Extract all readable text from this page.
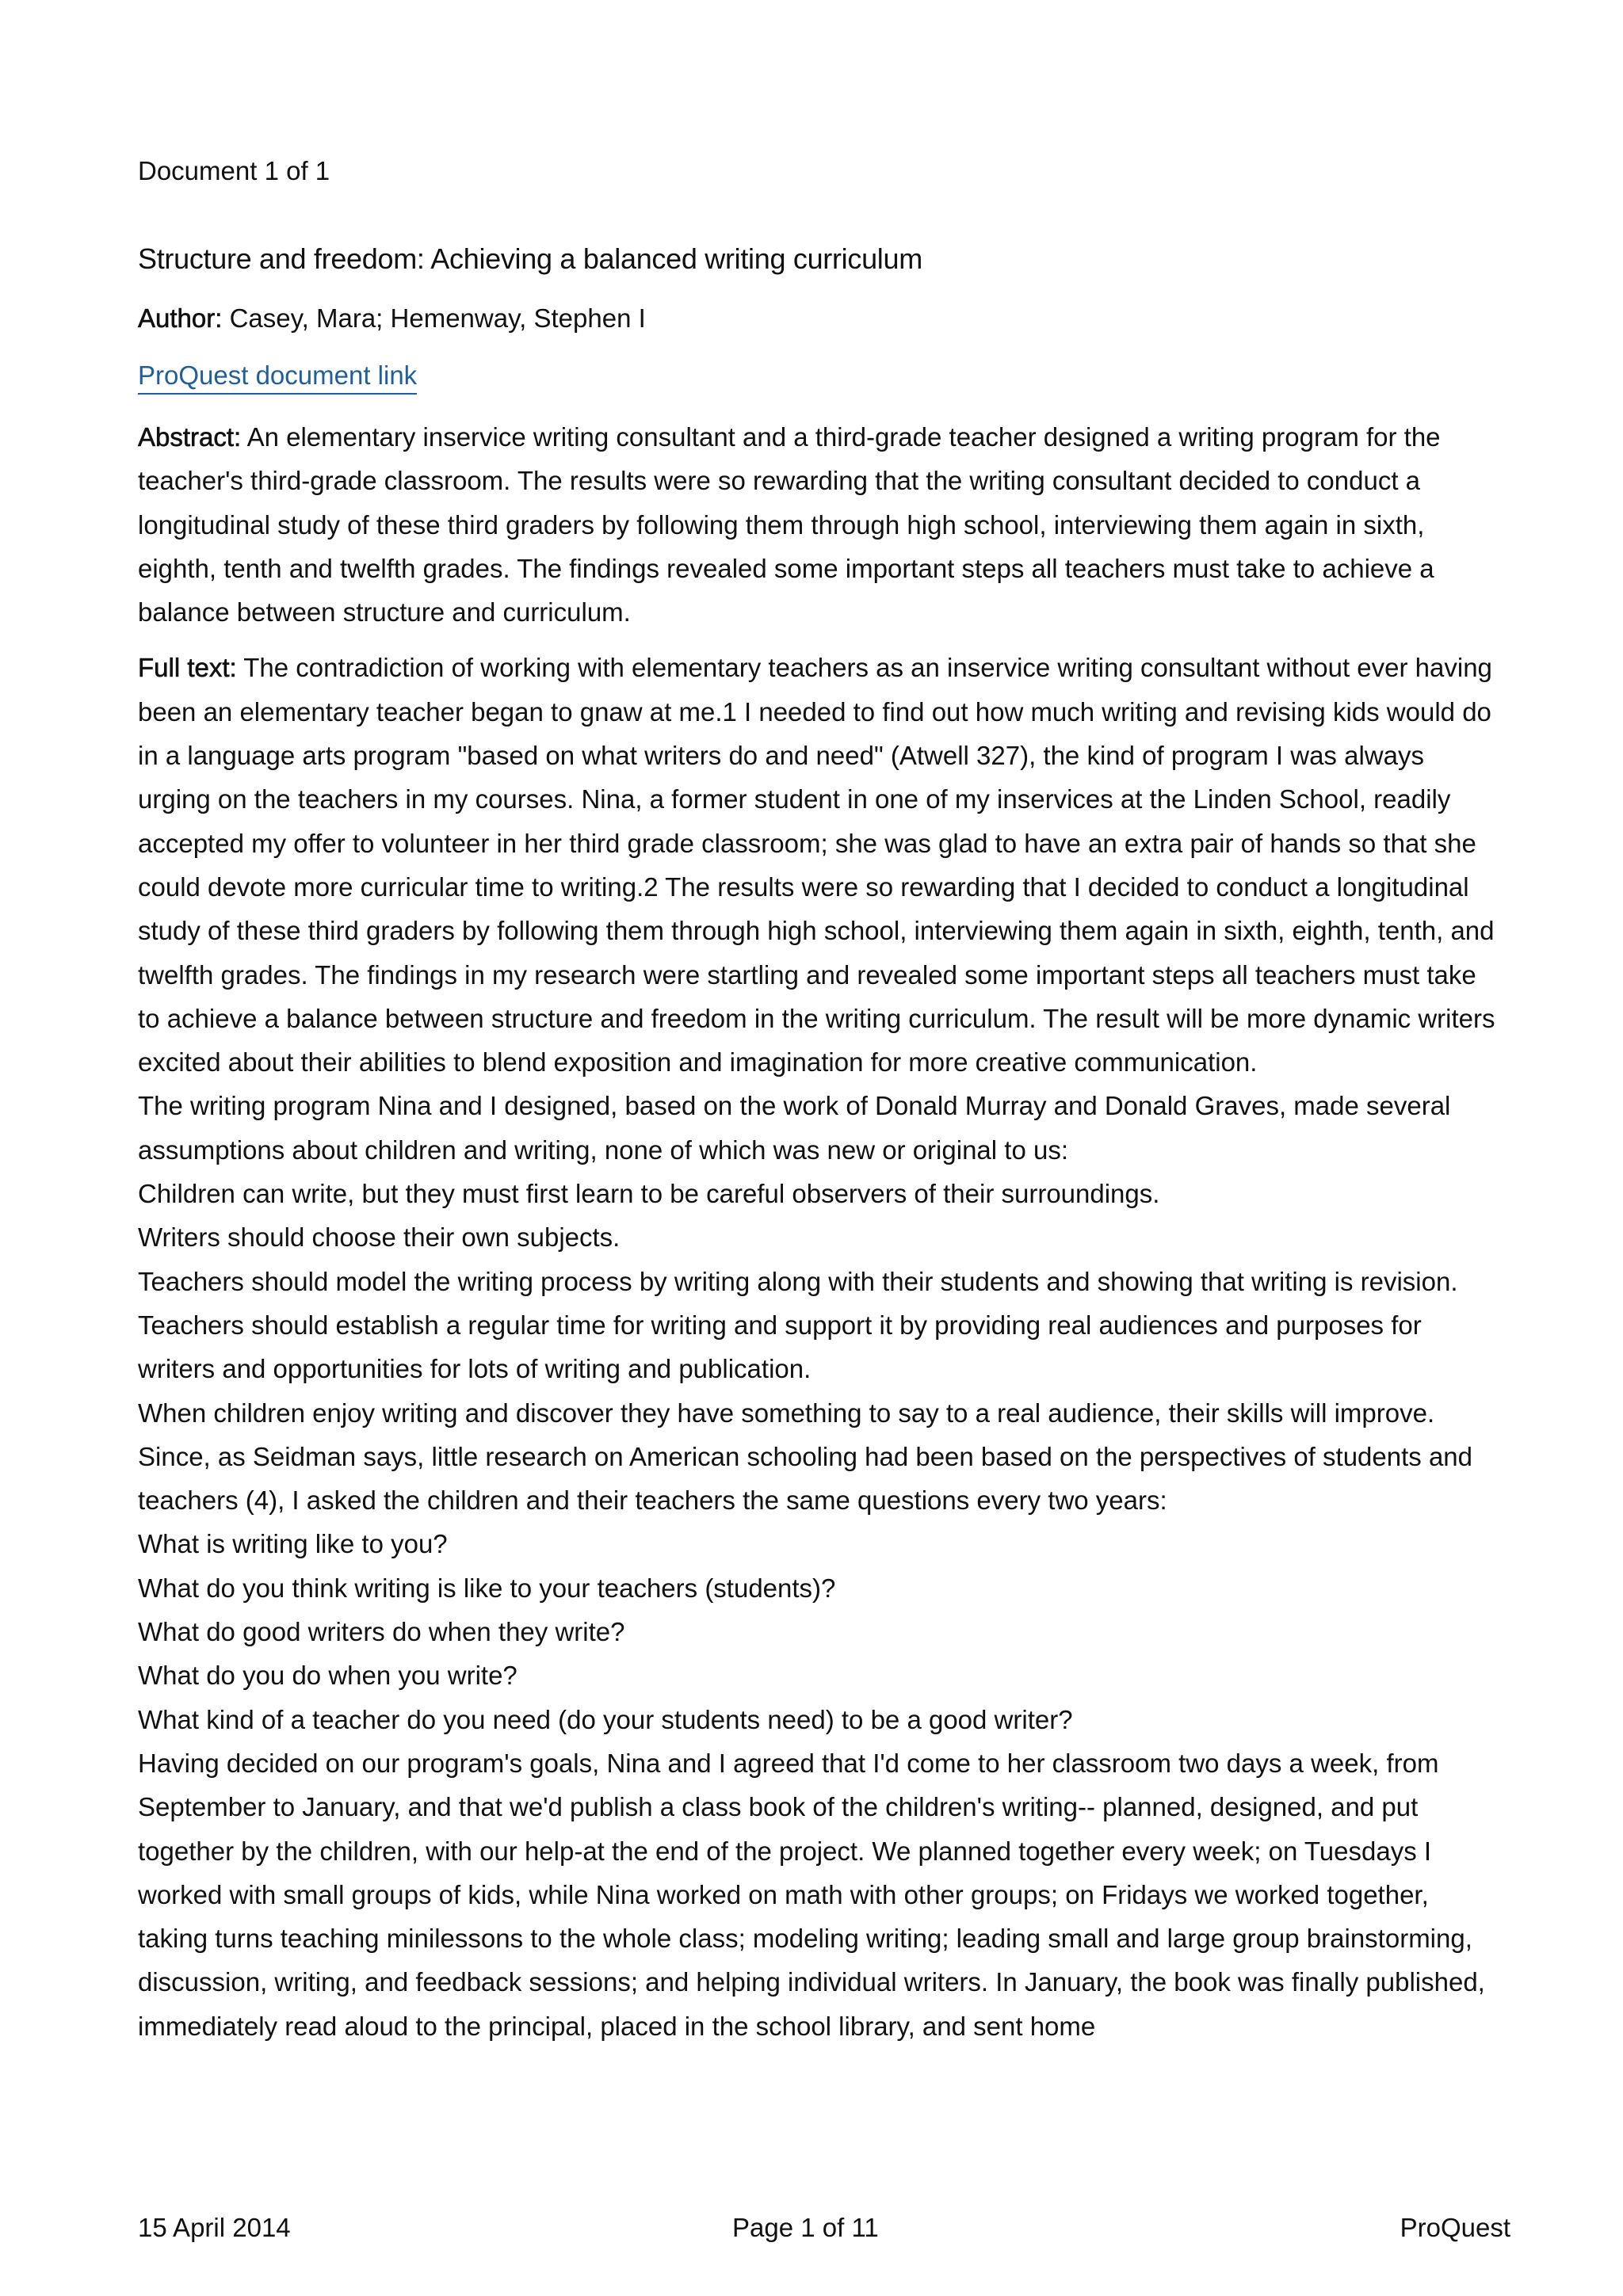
Document 1 of 1
Structure and freedom: Achieving a balanced writing curriculum
Author: Casey, Mara; Hemenway, Stephen I
ProQuest document link

Abstract: An elementary inservice writing consultant and a third-grade teacher designed a writing program for the teacher's third-grade classroom. The results were so rewarding that the writing consultant decided to conduct a longitudinal study of these third graders by following them through high school, interviewing them again in sixth, eighth, tenth and twelfth grades. The findings revealed some important steps all teachers must take to achieve a balance between structure and curriculum.

Full text: The contradiction of working with elementary teachers as an inservice writing consultant without ever having been an elementary teacher began to gnaw at me.1 I needed to find out how much writing and revising kids would do in a language arts program "based on what writers do and need" (Atwell 327), the kind of program I was always urging on the teachers in my courses. Nina, a former student in one of my inservices at the Linden School, readily accepted my offer to volunteer in her third grade classroom; she was glad to have an extra pair of hands so that she could devote more curricular time to writing.2 The results were so rewarding that I decided to conduct a longitudinal study of these third graders by following them through high school, interviewing them again in sixth, eighth, tenth, and twelfth grades. The findings in my research were startling and revealed some important steps all teachers must take to achieve a balance between structure and freedom in the writing curriculum. The result will be more dynamic writers excited about their abilities to blend exposition and imagination for more creative communication.

The writing program Nina and I designed, based on the work of Donald Murray and Donald Graves, made several assumptions about children and writing, none of which was new or original to us:

Children can write, but they must first learn to be careful observers of their surroundings.

Writers should choose their own subjects.

Teachers should model the writing process by writing along with their students and showing that writing is revision.

Teachers should establish a regular time for writing and support it by providing real audiences and purposes for writers and opportunities for lots of writing and publication.

When children enjoy writing and discover they have something to say to a real audience, their skills will improve.

Since, as Seidman says, little research on American schooling had been based on the perspectives of students and teachers (4), I asked the children and their teachers the same questions every two years:

What is writing like to you?

What do you think writing is like to your teachers (students)?

What do good writers do when they write?

What do you do when you write?

What kind of a teacher do you need (do your students need) to be a good writer?

Having decided on our program's goals, Nina and I agreed that I'd come to her classroom two days a week, from September to January, and that we'd publish a class book of the children's writing-- planned, designed, and put together by the children, with our help-at the end of the project. We planned together every week; on Tuesdays I worked with small groups of kids, while Nina worked on math with other groups; on Fridays we worked together, taking turns teaching minilessons to the whole class; modeling writing; leading small and large group brainstorming, discussion, writing, and feedback sessions; and helping individual writers. In January, the book was finally published, immediately read aloud to the principal, placed in the school library, and sent home

15 April 2014	Page 1 of 11	ProQuest
